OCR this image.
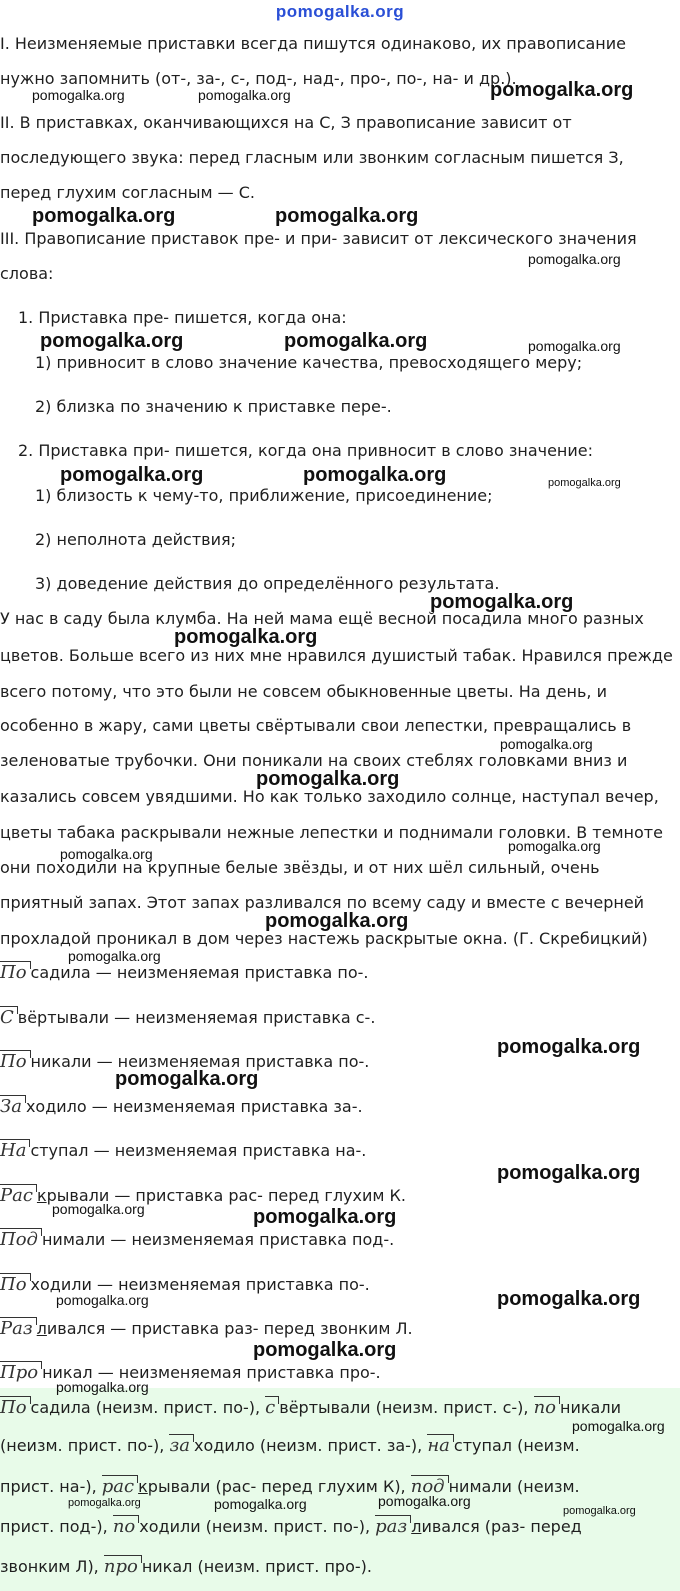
pomogalka.org
I. Неизменяемые приставки всегда пишутся одинаково, их правописание
нужно запомнить (от-, за-, с-, под-, над-, про-, по-, на- и др.).
II. В приставках, оканчивающихся на С, З правописание зависит от
последующего звука: перед гласным или звонким согласным пишется З,
перед глухим согласным — С.
III. Правописание приставок пре- и при- зависит от лексического значения
слова:
1. Приставка пре- пишется, когда она:
1) привносит в слово значение качества, превосходящего меру;
2) близка по значению к приставке пере-.
2. Приставка при- пишется, когда она привносит в слово значение:
1) близость к чему-то, приближение, присоединение;
2) неполнота действия;
3) доведение действия до определённого результата.
У нас в саду была клумба. На ней мама ещё весной посадила много разных
цветов. Больше всего из них мне нравился душистый табак. Нравился прежде
всего потому, что это были не совсем обыкновенные цветы. На день, и
особенно в жару, сами цветы свёртывали свои лепестки, превращались в
зеленоватые трубочки. Они поникали на своих стеблях головками вниз и
казались совсем увядшими. Но как только заходило солнце, наступал вечер,
цветы табака раскрывали нежные лепестки и поднимали головки. В темноте
они походили на крупные белые звёзды, и от них шёл сильный, очень
приятный запах. Этот запах разливался по всему саду и вместе с вечерней
прохладой проникал в дом через настежь раскрытые окна. (Г. Скребицкий)
По садила — неизменяемая приставка по-.
С вёртывали — неизменяемая приставка с-.
По никали — неизменяемая приставка по-.
За ходило — неизменяемая приставка за-.
На ступал — неизменяемая приставка на-.
Рас крывали — приставка рас- перед глухим К.
Под нимали — неизменяемая приставка под-.
По ходили — неизменяемая приставка по-.
Раз ливался — приставка раз- перед звонким Л.
Про никал — неизменяемая приставка про-.
По садила (неизм. прист. по-), с вёртывали (неизм. прист. с-), по никали
(неизм. прист. по-), за ходило (неизм. прист. за-), на ступал (неизм.
прист. на-), рас крывали (рас- перед глухим К), под нимали (неизм.
прист. под-), по ходили (неизм. прист. по-), раз ливался (раз- перед
звонким Л), про никал (неизм. прист. про-).
pomogalka.org	pomogalka.org	pomogalka.org
pomogalka.org	pomogalka.org
pomogalka.org
pomogalka.org	pomogalka.org	pomogalka.org
pomogalka.org	pomogalka.org	pomogalka.org
pomogalka.org
pomogalka.org
pomogalka.org
pomogalka.org
pomogalka.org	pomogalka.org
pomogalka.org
pomogalka.org
pomogalka.org
pomogalka.org
pomogalka.org
pomogalka.org	pomogalka.org
pomogalka.org	pomogalka.org
pomogalka.org
pomogalka.org
pomogalka.org
pomogalka.org	pomogalka.org	pomogalka.org
pomogalka.org
